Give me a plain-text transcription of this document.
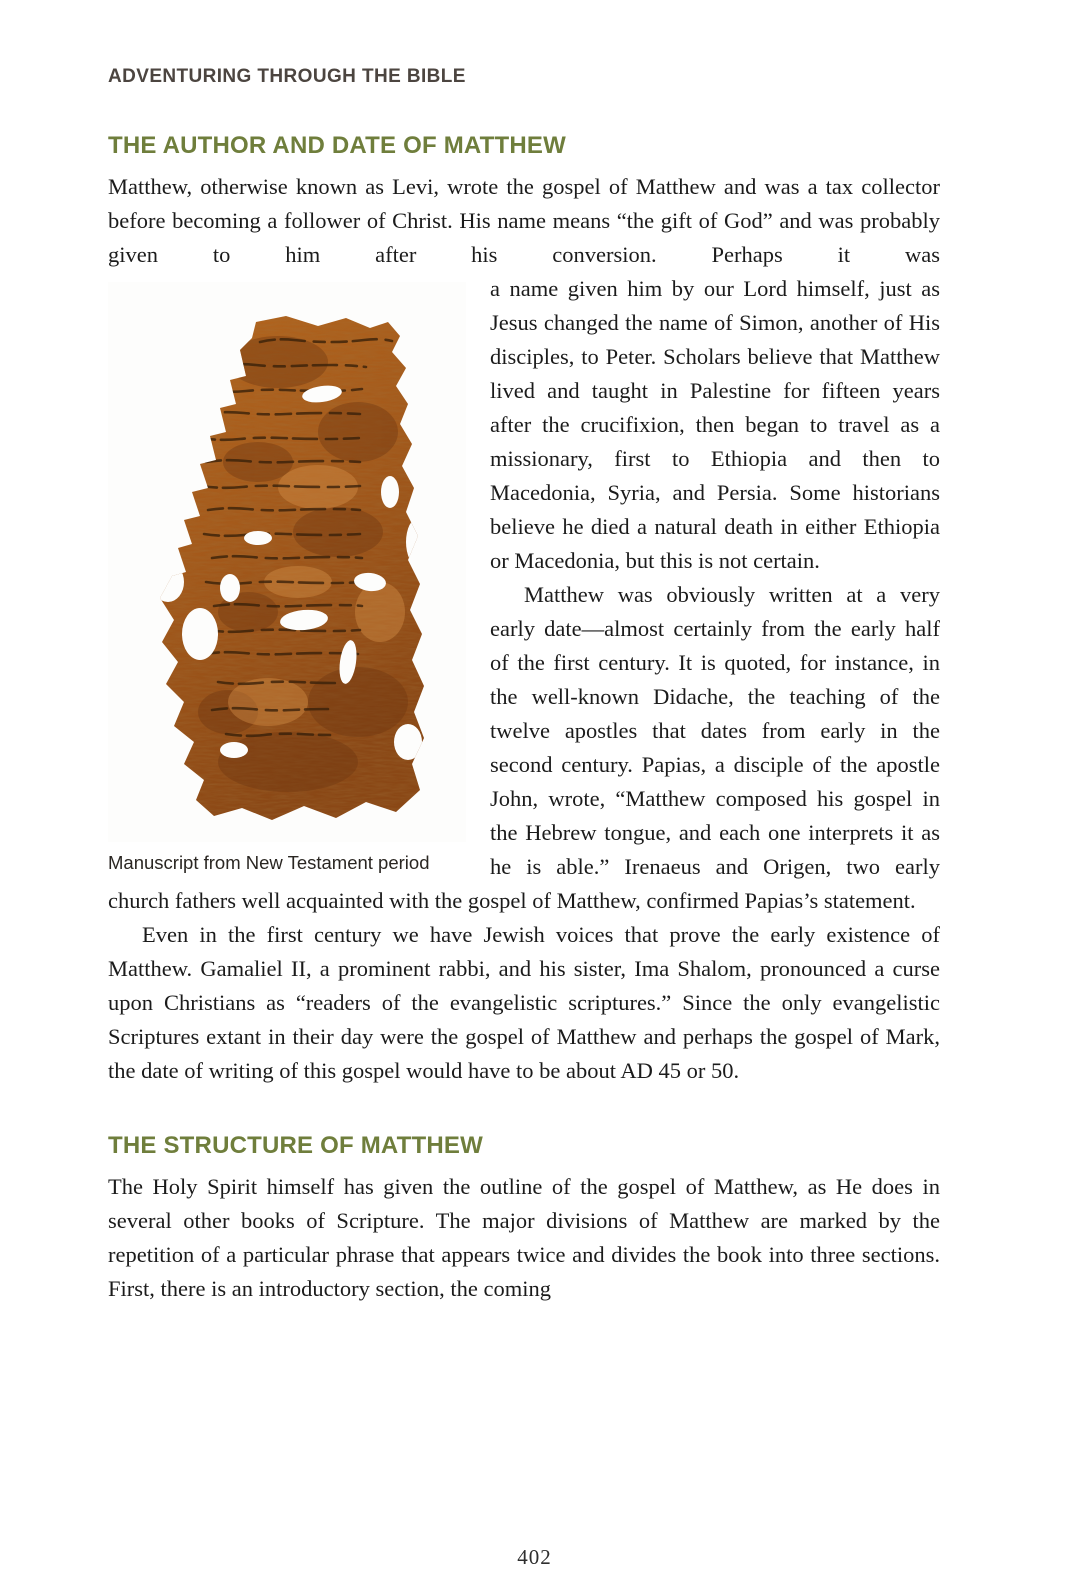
ADVENTURING THROUGH THE BIBLE
THE AUTHOR AND DATE OF MATTHEW

Matthew, otherwise known as Levi, wrote the gospel of Matthew and was a tax collector before becoming a follower of Christ. His name means “the gift of God” and was probably given to him after his conversion. Perhaps it was

Manuscript from New Testament period

a name given him by our Lord himself, just as Jesus changed the name of Simon, another of His disciples, to Peter. Scholars believe that Matthew lived and taught in Palestine for fifteen years after the crucifixion, then began to travel as a missionary, first to Ethiopia and then to Macedonia, Syria, and Persia. Some historians believe he died a natural death in either Ethiopia or Macedonia, but this is not certain.

Matthew was obviously written at a very early date—almost certainly from the early half of the first century. It is quoted, for instance, in the well-known Didache, the teaching of the twelve apostles that dates from early in the second century. Papias, a disciple of the apostle John, wrote, “Matthew composed his gospel in the Hebrew tongue, and each one interprets it as he is able.” Irenaeus and Origen, two early church fathers well acquainted with the gospel of Matthew, confirmed Papias’s statement.

Even in the first century we have Jewish voices that prove the early existence of Matthew. Gamaliel II, a prominent rabbi, and his sister, Ima Shalom, pronounced a curse upon Christians as “readers of the evangelistic scriptures.” Since the only evangelistic Scriptures extant in their day were the gospel of Matthew and perhaps the gospel of Mark, the date of writing of this gospel would have to be about AD 45 or 50.

THE STRUCTURE OF MATTHEW

The Holy Spirit himself has given the outline of the gospel of Matthew, as He does in several other books of Scripture. The major divisions of Matthew are marked by the repetition of a particular phrase that appears twice and divides the book into three sections. First, there is an introductory section, the coming

402
